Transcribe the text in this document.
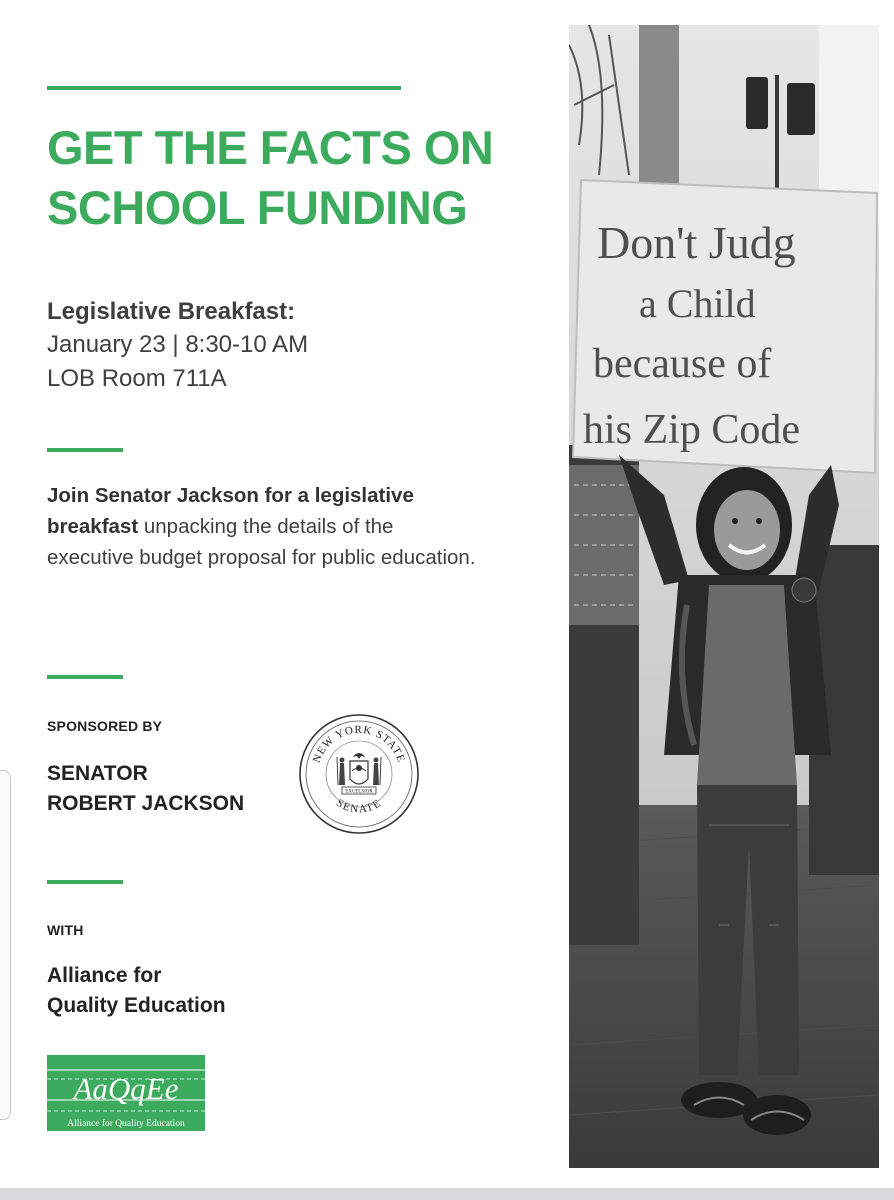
GET THE FACTS ON
SCHOOL FUNDING
Legislative Breakfast:
January 23 | 8:30-10 AM
LOB Room 711A

Join Senator Jackson for a legislative breakfast unpacking the details of the executive budget proposal for public education.

SPONSORED BY
SENATOR
ROBERT JACKSON
NEW YORK STATE
SENATE
EXCELSIOR
WITH
Alliance for
Quality Education
AaQqEe
Alliance for Quality Education
Don't Judg
a Child
because of
his Zip Code
